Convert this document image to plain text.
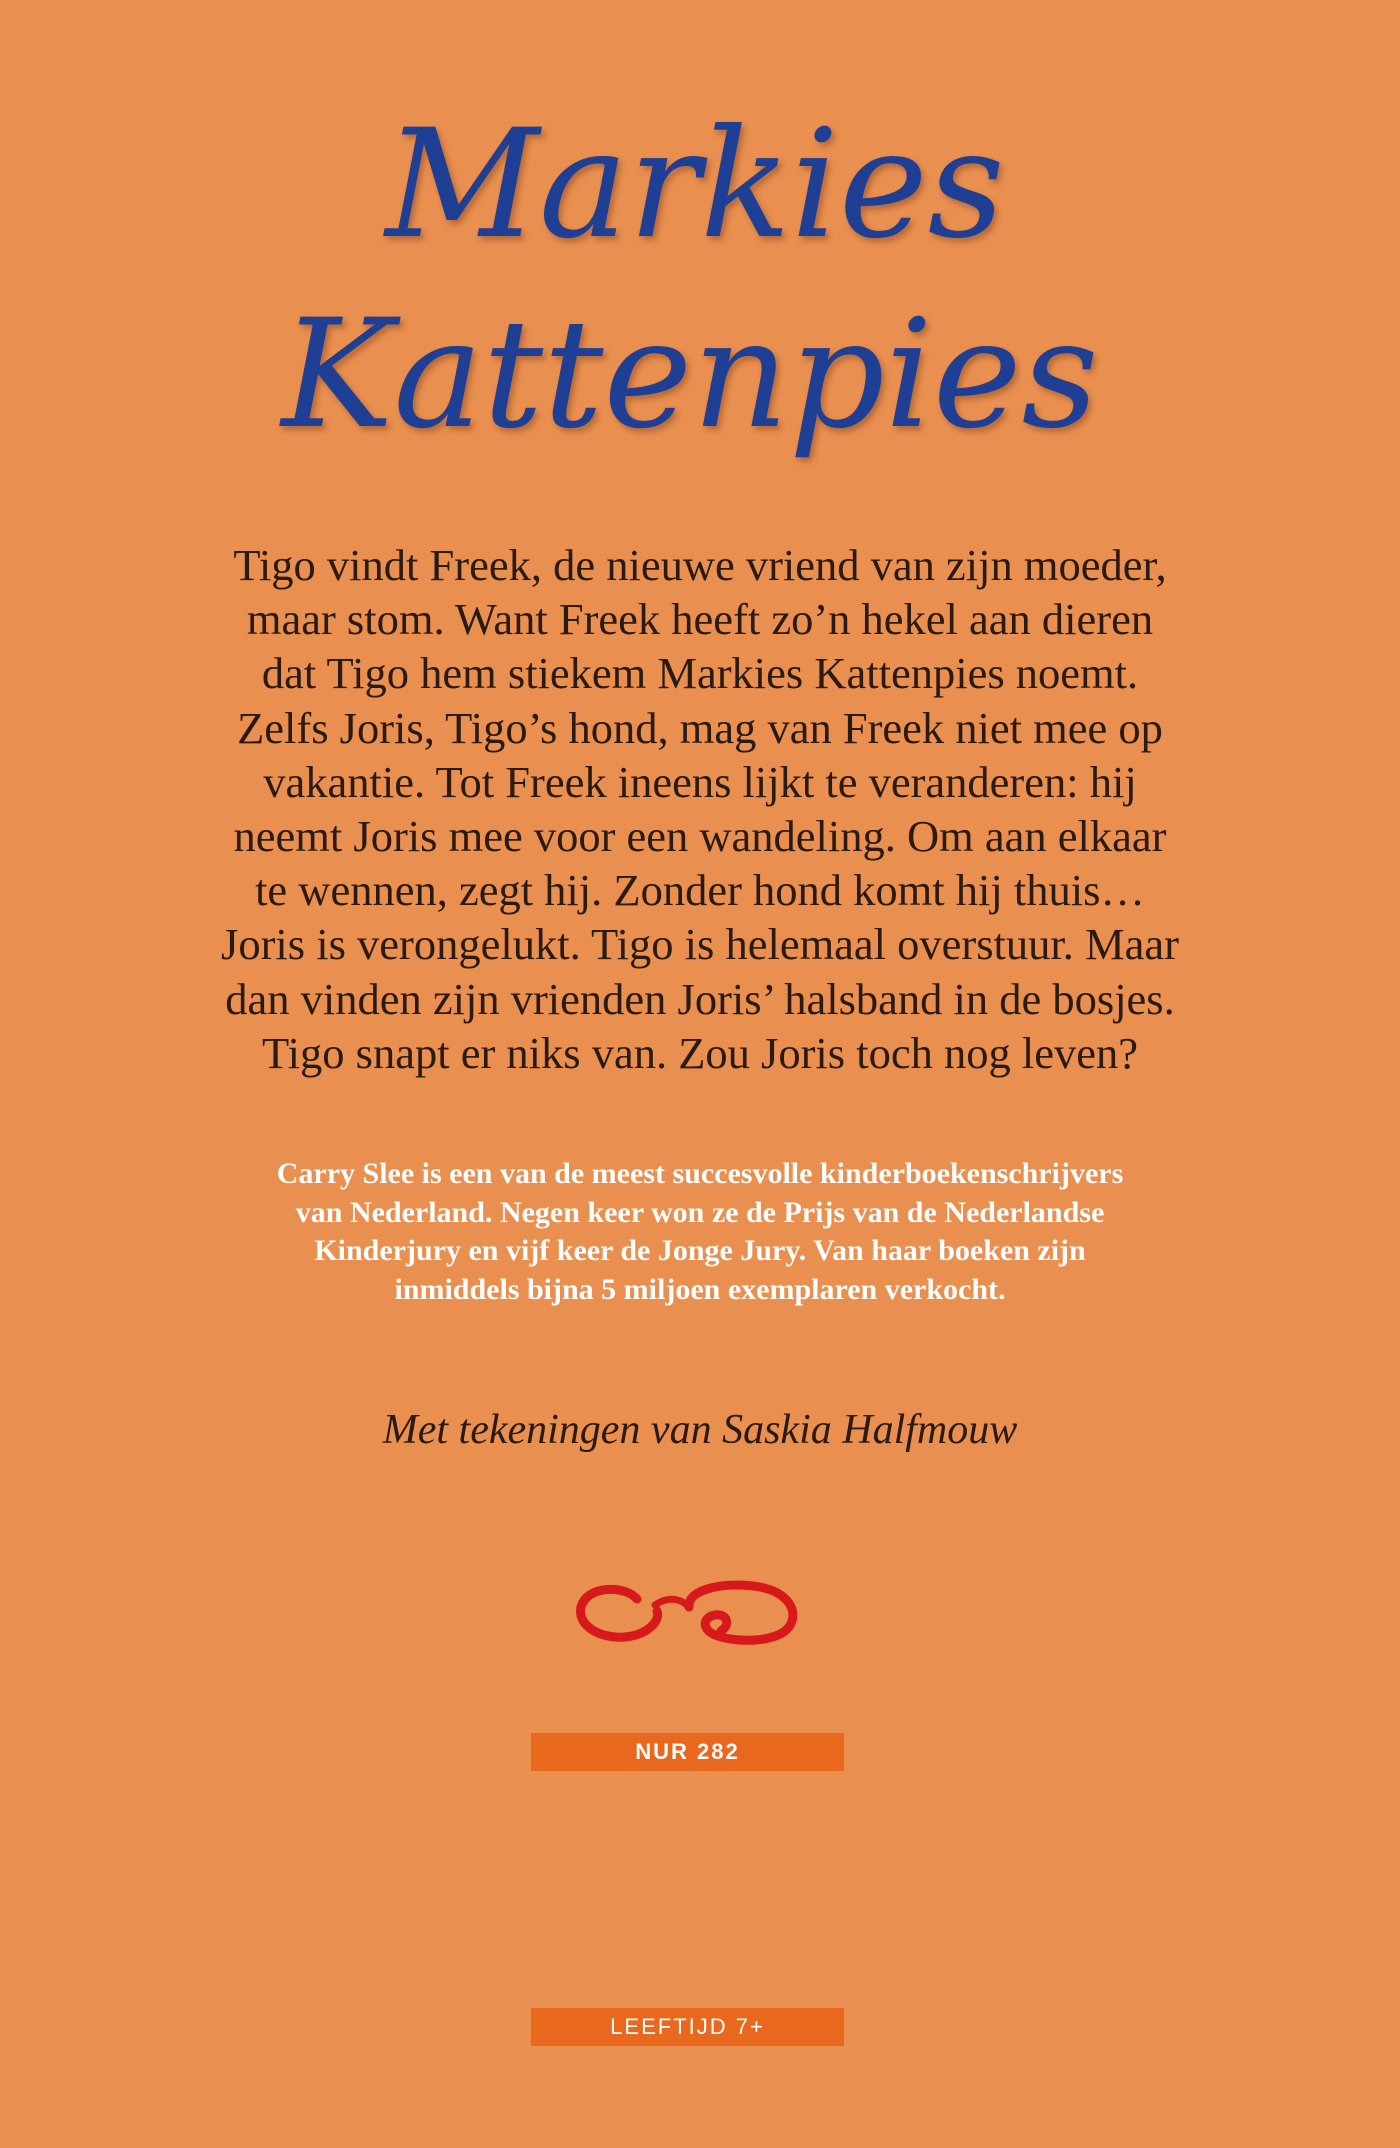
Markies
Kattenpies
Tigo vindt Freek, de nieuwe vriend van zijn moeder,
maar stom. Want Freek heeft zo’n hekel aan dieren
dat Tigo hem stiekem Markies Kattenpies noemt.
Zelfs Joris, Tigo’s hond, mag van Freek niet mee op
vakantie. Tot Freek ineens lijkt te veranderen: hij
neemt Joris mee voor een wandeling. Om aan elkaar
te wennen, zegt hij. Zonder hond komt hij thuis…
Joris is verongelukt. Tigo is helemaal overstuur. Maar
dan vinden zijn vrienden Joris’ halsband in de bosjes.
Tigo snapt er niks van. Zou Joris toch nog leven?
Carry Slee is een van de meest succesvolle kinderboekenschrijvers
van Nederland. Negen keer won ze de Prijs van de Nederlandse
Kinderjury en vijf keer de Jonge Jury. Van haar boeken zijn
inmiddels bijna 5 miljoen exemplaren verkocht.
Met tekeningen van Saskia Halfmouw
NUR 282
LEEFTIJD 7+
